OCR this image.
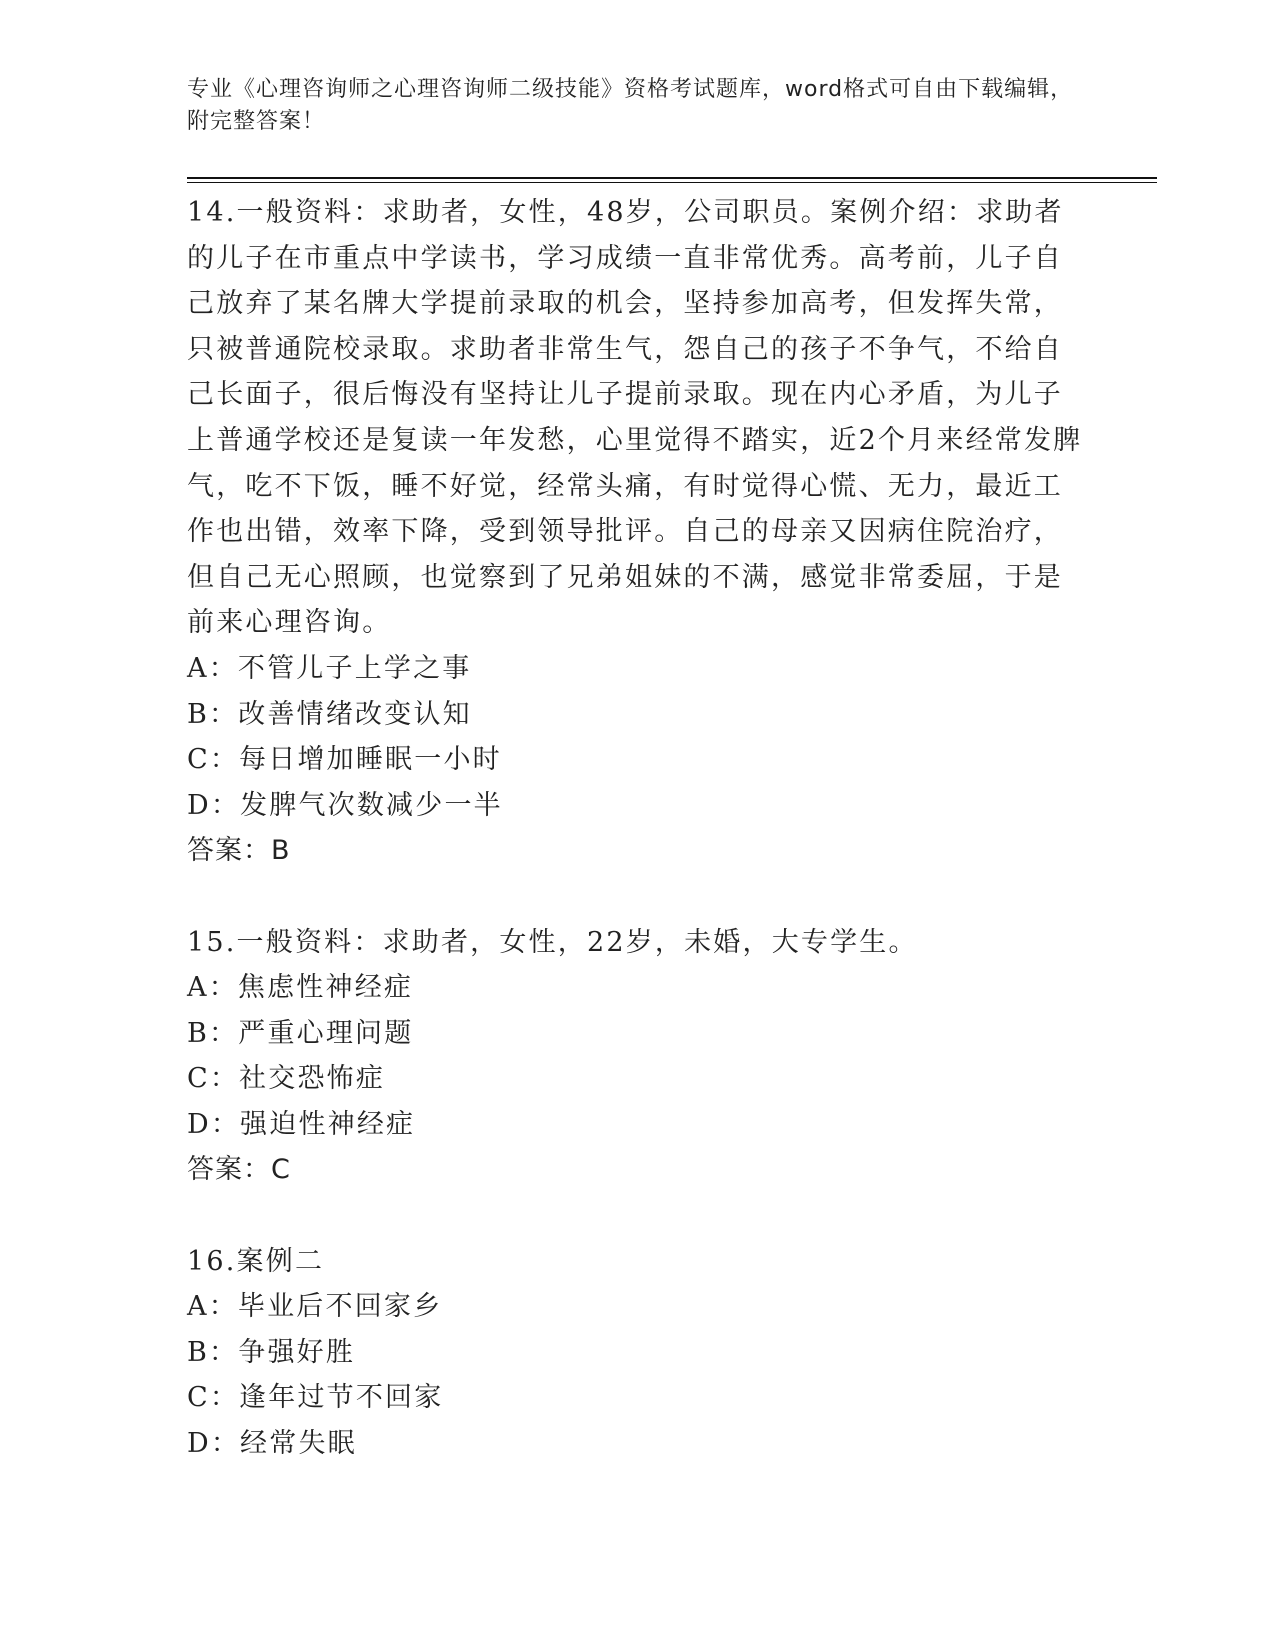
专业《心理咨询师之心理咨询师二级技能》资格考试题库，word格式可自由下载编辑，附完整答案！

14.一般资料：求助者，女性，48岁，公司职员。案例介绍：求助者的儿子在市重点中学读书，学习成绩一直非常优秀。高考前，儿子自己放弃了某名牌大学提前录取的机会，坚持参加高考，但发挥失常，只被普通院校录取。求助者非常生气，怨自己的孩子不争气，不给自己长面子，很后悔没有坚持让儿子提前录取。现在内心矛盾，为儿子上普通学校还是复读一年发愁，心里觉得不踏实，近2个月来经常发脾气，吃不下饭，睡不好觉，经常头痛，有时觉得心慌、无力，最近工作也出错，效率下降，受到领导批评。自己的母亲又因病住院治疗，但自己无心照顾，也觉察到了兄弟姐妹的不满，感觉非常委屈，于是前来心理咨询。

A：不管儿子上学之事

B：改善情绪改变认知

C：每日增加睡眠一小时

D：发脾气次数减少一半

答案：B

15.一般资料：求助者，女性，22岁，未婚，大专学生。

A：焦虑性神经症

B：严重心理问题

C：社交恐怖症

D：强迫性神经症

答案：C

16.案例二

A：毕业后不回家乡

B：争强好胜

C：逢年过节不回家

D：经常失眠
